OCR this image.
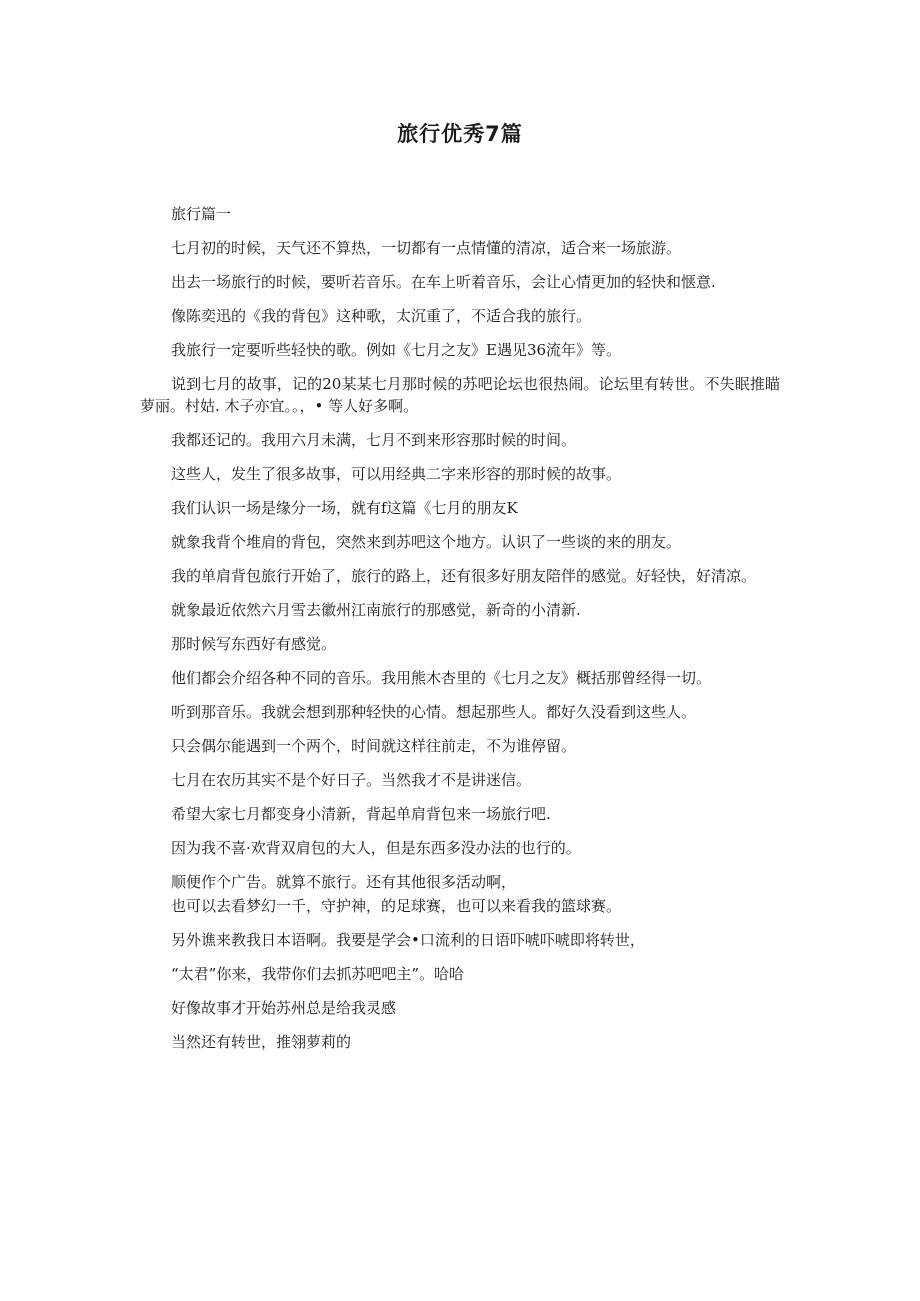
旅行优秀7篇

旅行篇一

七月初的时候，天气还不算热，一切都有一点情懂的清凉，适合来一场旅游。

出去一场旅行的时候，要听若音乐。在车上听着音乐，会让心情更加的轻快和惬意.

像陈奕迅的《我的背包》这种歌，太沉重了，不适合我的旅行。

我旅行一定要听些轻快的歌。例如《七月之友》E遇见36流年》等。

说到七月的故事，记的20某某七月那时候的苏吧论坛也很热闹。论坛里有转世。不失眠推瞄萝丽。村姑. 木子亦宜。。，• 等人好多啊。

我都还记的。我用六月未满，七月不到来形容那时候的时间。

这些人，发生了很多故事，可以用经典二字来形容的那时候的故事。

我们认识一场是缘分一场，就有f这篇《七月的朋友K

就象我背个堆肩的背包，突然来到苏吧这个地方。认识了一些谈的来的朋友。

我的单肩背包旅行开始了，旅行的路上，还有很多好朋友陪伴的感觉。好轻快，好清凉。

就象最近依然六月雪去徽州江南旅行的那感觉，新奇的小清新.

那时候写东西好有感觉。

他们都会介绍各种不同的音乐。我用熊木杏里的《七月之友》概括那曾经得一切。

听到那音乐。我就会想到那种轻快的心情。想起那些人。都好久没看到这些人。

只会偶尔能遇到一个两个，时间就这样往前走，不为谁停留。

七月在农历其实不是个好日子。当然我才不是讲迷信。

希望大家七月都变身小清新，背起单肩背包来一场旅行吧.

因为我不喜·欢背双肩包的大人，但是东西多没办法的也行的。

顺便作个广告。就算不旅行。还有其他很多活动啊，

也可以去看梦幻一千，守护神，的足球赛，也可以来看我的篮球赛。

另外谯来教我日本语啊。我要是学会•口流利的日语吓唬吓唬即将转世，

“太君”你来，我带你们去抓苏吧吧主”。哈哈

好像故事才开始苏州总是给我灵感

当然还有转世，推翎萝莉的
